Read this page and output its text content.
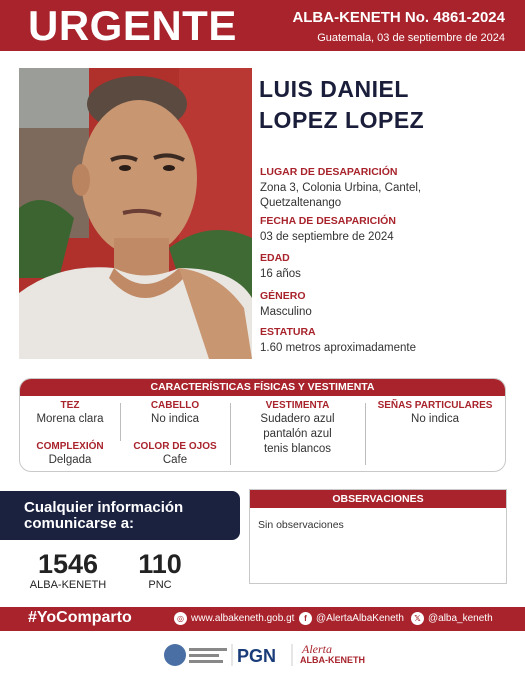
URGENTE	ALBA-KENETH No. 4861-2024
Guatemala, 03 de septiembre de 2024
LUIS DANIEL
LOPEZ LOPEZ
LUGAR DE DESAPARICIÓN
Zona 3, Colonia Urbina, Cantel,
Quetzaltenango
FECHA DE DESAPARICIÓN
03 de septiembre de 2024
EDAD
16 años
GÉNERO
Masculino
ESTATURA
1.60 metros aproximadamente
CARACTERÍSTICAS FÍSICAS Y VESTIMENTA
TEZ
Morena clara
CABELLO
No indica
VESTIMENTA
Sudadero azul
pantalón azul
tenis blancos
SEÑAS PARTICULARES
No indica
COMPLEXIÓN
Delgada
COLOR DE OJOS
Cafe
Cualquier información
comunicarse a:
1546
ALBA-KENETH
110
PNC
OBSERVACIONES
Sin observaciones
#YoComparto	◎ www.albakeneth.gob.gt	f @AlertaAlbaKeneth	𝕏 @alba_keneth
PGN Alerta
ALBA-KENETH
